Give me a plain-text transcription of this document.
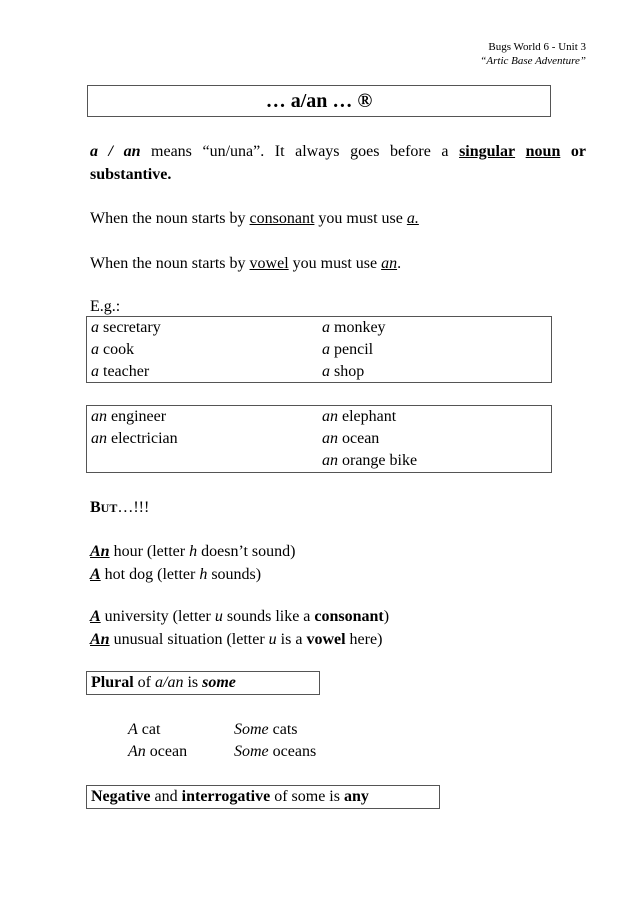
Bugs World 6 - Unit 3
“Artic Base Adventure”
… a/an … ®
a / an means “un/una”. It always goes before a singular noun or substantive.
When the noun starts by consonant you must use a.
When the noun starts by vowel you must use an.
E.g.:
a secretary
a cook
a teacher
a monkey
a pencil
a shop
an engineer
an electrician
an elephant
an ocean
an orange bike
BUT…!!!
An hour (letter h doesn’t sound)
A hot dog (letter h sounds)
A university (letter u sounds like a consonant)
An unusual situation (letter u is a vowel here)
Plural of a/an is some
A cat	Some cats
An ocean	Some oceans
Negative and interrogative of some is any
